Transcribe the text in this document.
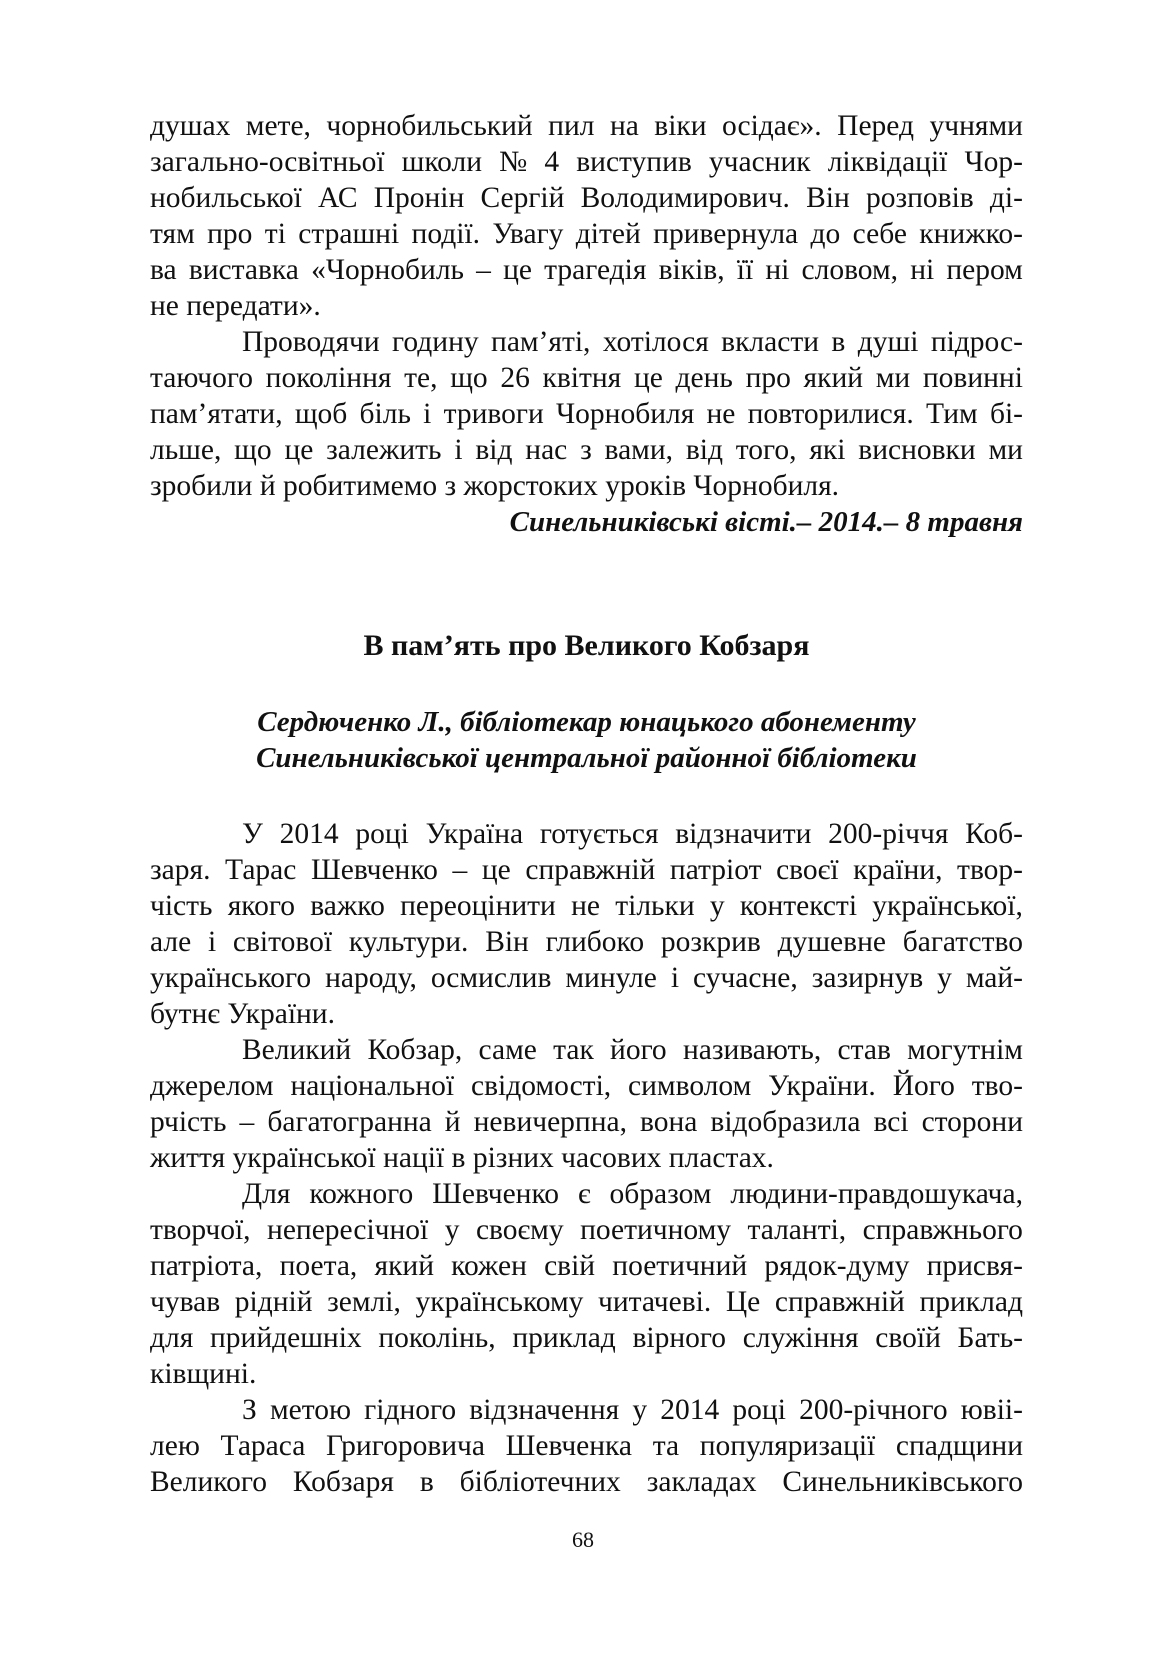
душах мете, чорнобильський пил на віки осідає». Перед учнями
загально-освітньої школи № 4 виступив учасник ліквідації Чор-
нобильської АС Пронін Сергій Володимирович. Він розповів ді-
тям про ті страшні події. Увагу дітей привернула до себе книжко-
ва виставка «Чорнобиль – це трагедія віків, її ні словом, ні пером
не передати».
Проводячи годину пам’яті, хотілося вкласти в душі підрос-
таючого покоління те, що 26 квітня це день про який ми повинні
пам’ятати, щоб біль і тривоги Чорнобиля не повторилися. Тим бі-
льше, що це залежить і від нас з вами, від того, які висновки ми
зробили й робитимемо з жорстоких уроків Чорнобиля.
Синельниківські вісті.– 2014.– 8 травня
В пам’ять про Великого Кобзаря
Сердюченко Л., бібліотекар юнацького абонементу
Синельниківської центральної районної бібліотеки
У 2014 році Україна готується відзначити 200-річчя Коб-
заря. Тарас Шевченко – це справжній патріот своєї країни, твор-
чість якого важко переоцінити не тільки у контексті української,
але і світової культури. Він глибоко розкрив душевне багатство
українського народу, осмислив минуле і сучасне, зазирнув у май-
бутнє України.
Великий Кобзар, саме так його називають, став могутнім
джерелом національної свідомості, символом України. Його тво-
рчість – багатогранна й невичерпна, вона відобразила всі сторони
життя української нації в різних часових пластах.
Для кожного Шевченко є образом людини-правдошукача,
творчої, непересічної у своєму поетичному таланті, справжнього
патріота, поета, який кожен свій поетичний рядок-думу присвя-
чував рідній землі, українському читачеві. Це справжній приклад
для прийдешніх поколінь, приклад вірного служіння своїй Бать-
ківщині.
З метою гідного відзначення у 2014 році 200-річного ювіі-
лею Тараса Григоровича Шевченка та популяризації спадщини
Великого Кобзаря в бібліотечних закладах Синельниківського
68
